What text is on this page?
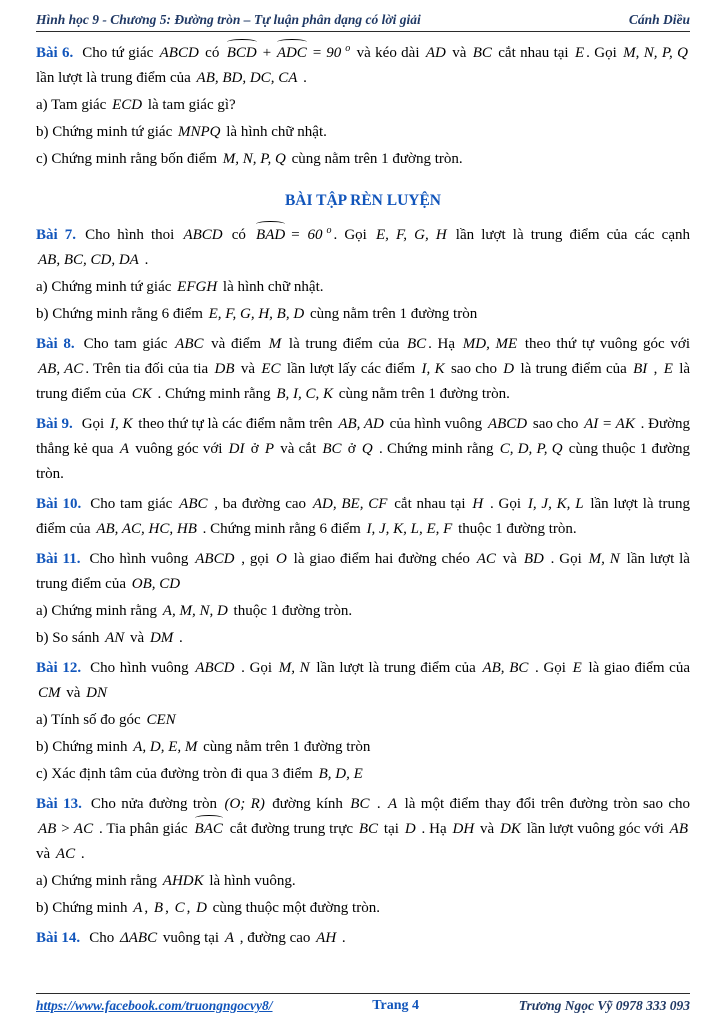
Hình học 9 - Chương 5: Đường tròn – Tự luận phân dạng có lời giải	Cánh Diều

Bài 6. Cho tứ giác ABCD có BCD + ADC = 90 $^o$ và kéo dài AD và BC cắt nhau tại E . Gọi M, N, P, Q lần lượt là trung điểm của AB, BD, DC, CA .

a) Tam giác ECD là tam giác gì?

b) Chứng minh tứ giác MNPQ là hình chữ nhật.

c) Chứng minh rằng bốn điểm M, N, P, Q cùng nằm trên 1 đường tròn.

BÀI TẬP RÈN LUYỆN

Bài 7. Cho hình thoi ABCD có BAD = 60 $^o$ . Gọi E, F, G, H lần lượt là trung điểm của các cạnh AB, BC, CD, DA .

a) Chứng minh tứ giác EFGH là hình chữ nhật.

b) Chứng minh rằng 6 điểm E, F, G, H, B, D cùng nằm trên 1 đường tròn

Bài 8. Cho tam giác ABC và điểm M là trung điểm của BC . Hạ MD, ME theo thứ tự vuông góc với AB, AC . Trên tia đối của tia DB và EC lần lượt lấy các điểm I, K sao cho D là trung điểm của BI , E là trung điểm của CK . Chứng minh rằng B, I, C, K cùng nằm trên 1 đường tròn.

Bài 9. Gọi I, K theo thứ tự là các điểm nằm trên AB, AD của hình vuông ABCD sao cho AI = AK . Đường thẳng kẻ qua A vuông góc với DI ở P và cắt BC ở Q . Chứng minh rằng C, D, P, Q cùng thuộc 1 đường tròn.

Bài 10. Cho tam giác ABC , ba đường cao AD, BE, CF cắt nhau tại H . Gọi I, J, K, L lần lượt là trung điểm của AB, AC, HC, HB . Chứng minh rằng 6 điểm I, J, K, L, E, F thuộc 1 đường tròn.

Bài 11. Cho hình vuông ABCD , gọi O là giao điểm hai đường chéo AC và BD . Gọi M, N lần lượt là trung điểm của OB, CD

a) Chứng minh rằng A, M, N, D thuộc 1 đường tròn.

b) So sánh AN và DM .

Bài 12. Cho hình vuông ABCD . Gọi M, N lần lượt là trung điểm của AB, BC . Gọi E là giao điểm của CM và DN

a) Tính số đo góc CEN

b) Chứng minh A, D, E, M cùng nằm trên 1 đường tròn

c) Xác định tâm của đường tròn đi qua 3 điểm B, D, E

Bài 13. Cho nửa đường tròn (O; R) đường kính BC . A là một điểm thay đổi trên đường tròn sao cho AB > AC . Tia phân giác BAC cắt đường trung trực BC tại D . Hạ DH và DK lần lượt vuông góc với AB và AC .

a) Chứng minh rằng AHDK là hình vuông.

b) Chứng minh A , B , C , D cùng thuộc một đường tròn.

Bài 14. Cho ΔABC vuông tại A , đường cao AH .

https://www.facebook.com/truongngocvy8/	Trang 4	Trương Ngọc Vỹ 0978 333 093
